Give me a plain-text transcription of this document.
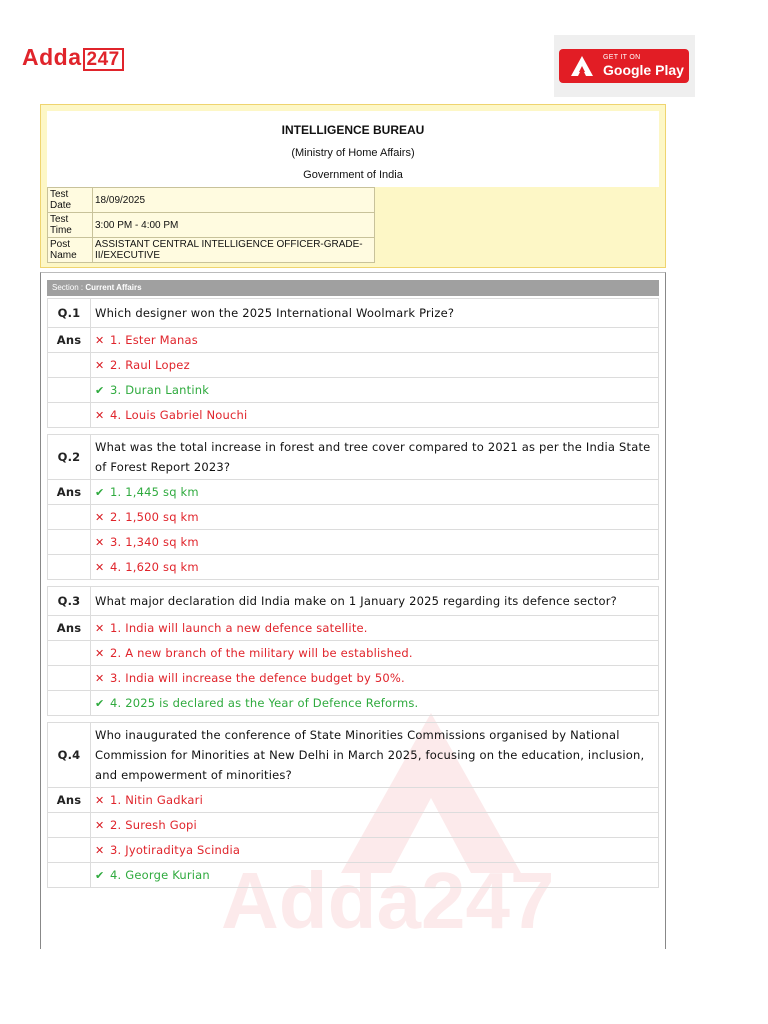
Adda 247	GET IT ON
Google Play
INTELLIGENCE BUREAU
(Ministry of Home Affairs)
Government of India
Test Date	18/09/2025
Test Time	3:00 PM - 4:00 PM
Post Name	ASSISTANT CENTRAL INTELLIGENCE OFFICER-GRADE-II/EXECUTIVE
Adda247
Section : Current Affairs
Q.1	Which designer won the 2025 International Woolmark Prize?
Ans	✕ 1. Ester Manas

	✕ 2. Raul Lopez

	✔ 3. Duran Lantink

	✕ 4. Louis Gabriel Nouchi

Q.2	What was the total increase in forest and tree cover compared to 2021 as per the India State of Forest Report 2023?
Ans	✔ 1. 1,445 sq km

	✕ 2. 1,500 sq km

	✕ 3. 1,340 sq km

	✕ 4. 1,620 sq km

Q.3	What major declaration did India make on 1 January 2025 regarding its defence sector?
Ans	✕ 1. India will launch a new defence satellite.

	✕ 2. A new branch of the military will be established.

	✕ 3. India will increase the defence budget by 50%.

	✔ 4. 2025 is declared as the Year of Defence Reforms.

Q.4	Who inaugurated the conference of State Minorities Commissions organised by National Commission for Minorities at New Delhi in March 2025, focusing on the education, inclusion, and empowerment of minorities?
Ans	✕ 1. Nitin Gadkari

	✕ 2. Suresh Gopi

	✕ 3. Jyotiraditya Scindia

	✔ 4. George Kurian
